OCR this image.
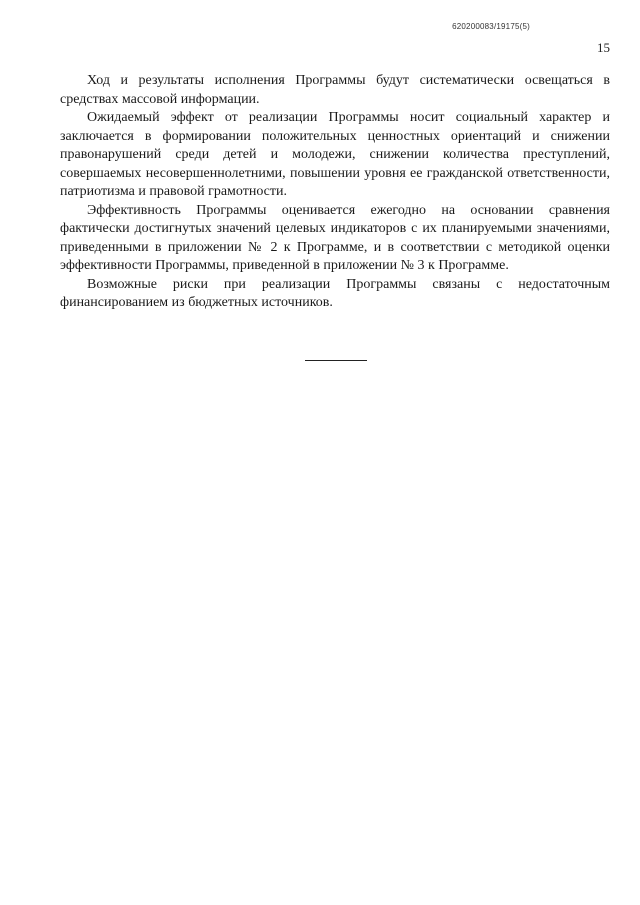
620200083/19175(5)
15

Ход и результаты исполнения Программы будут систематически освещаться в средствах массовой информации.

Ожидаемый эффект от реализации Программы носит социальный характер и заключается в формировании положительных ценностных ориентаций и снижении правонарушений среди детей и молодежи, снижении количества преступлений, совершаемых несовершеннолетними, повышении уровня ее гражданской ответственности, патриотизма и правовой грамотности.

Эффективность Программы оценивается ежегодно на основании сравнения фактически достигнутых значений целевых индикаторов с их планируемыми значениями, приведенными в приложении № 2 к Программе, и в соответствии с методикой оценки эффективности Программы, приведенной в приложении № 3 к Программе.

Возможные риски при реализации Программы связаны с недостаточным финансированием из бюджетных источников.
